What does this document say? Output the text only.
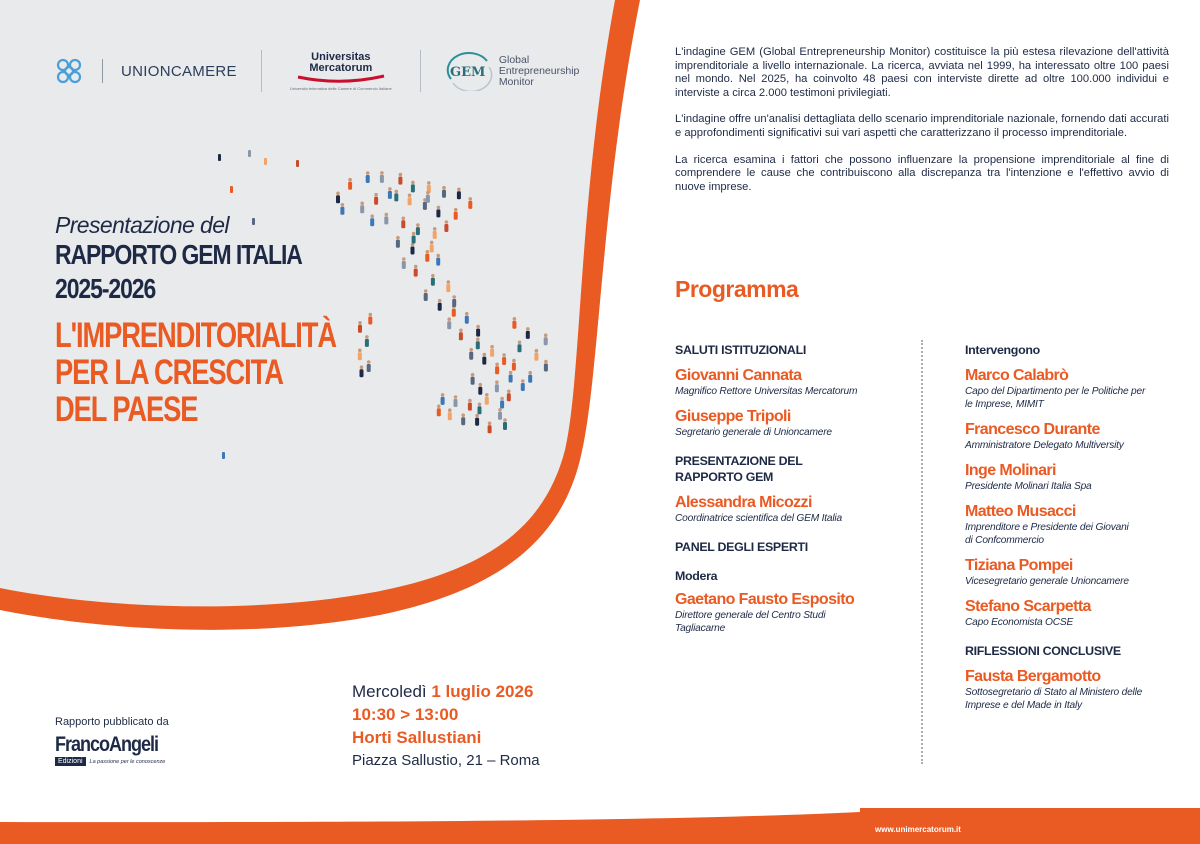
UNIONCAMERE
Universitas
Mercatorum
Università telematica delle Camere di Commercio Italiane
GEM
Global
Entrepreneurship
Monitor
Presentazione del
RAPPORTO GEM ITALIA
2025-2026
L'IMPRENDITORIALITÀ
PER LA CRESCITA
DEL PAESE
Rapporto pubblicato da
FrancoAngeli
Edizioni	La passione per le conoscenze
Mercoledì 1 luglio 2026
10:30 > 13:00
Horti Sallustiani
Piazza Sallustio, 21 – Roma

L'indagine GEM (Global Entrepreneurship Monitor) costituisce la più estesa rilevazione dell'attività imprenditoriale a livello internazionale. La ricerca, avviata nel 1999, ha interessato oltre 100 paesi nel mondo. Nel 2025, ha coinvolto 48 paesi con interviste dirette ad oltre 100.000 individui e interviste a circa 2.000 testimoni privilegiati.

L'indagine offre un'analisi dettagliata dello scenario imprenditoriale nazionale, fornendo dati accurati e approfondimenti significativi sui vari aspetti che caratterizzano il processo imprenditoriale.

La ricerca esamina i fattori che possono influenzare la propensione imprenditoriale al fine di comprendere le cause che contribuiscono alla discrepanza tra l'intenzione e l'effettivo avvio di nuove imprese.

Programma
SALUTI ISTITUZIONALI
Giovanni Cannata
Magnifico Rettore Universitas Mercatorum
Giuseppe Tripoli
Segretario generale di Unioncamere
PRESENTAZIONE DEL
RAPPORTO GEM
Alessandra Micozzi
Coordinatrice scientifica del GEM Italia
PANEL DEGLI ESPERTI
Modera
Gaetano Fausto Esposito
Direttore generale del Centro Studi
Tagliacarne
Intervengono
Marco Calabrò
Capo del Dipartimento per le Politiche per
le Imprese, MIMIT
Francesco Durante
Amministratore Delegato Multiversity
Inge Molinari
Presidente Molinari Italia Spa
Matteo Musacci
Imprenditore e Presidente dei Giovani
di Confcommercio
Tiziana Pompei
Vicesegretario generale Unioncamere
Stefano Scarpetta
Capo Economista OCSE
RIFLESSIONI CONCLUSIVE
Fausta Bergamotto
Sottosegretario di Stato al Ministero delle
Imprese e del Made in Italy
www.unimercatorum.it
